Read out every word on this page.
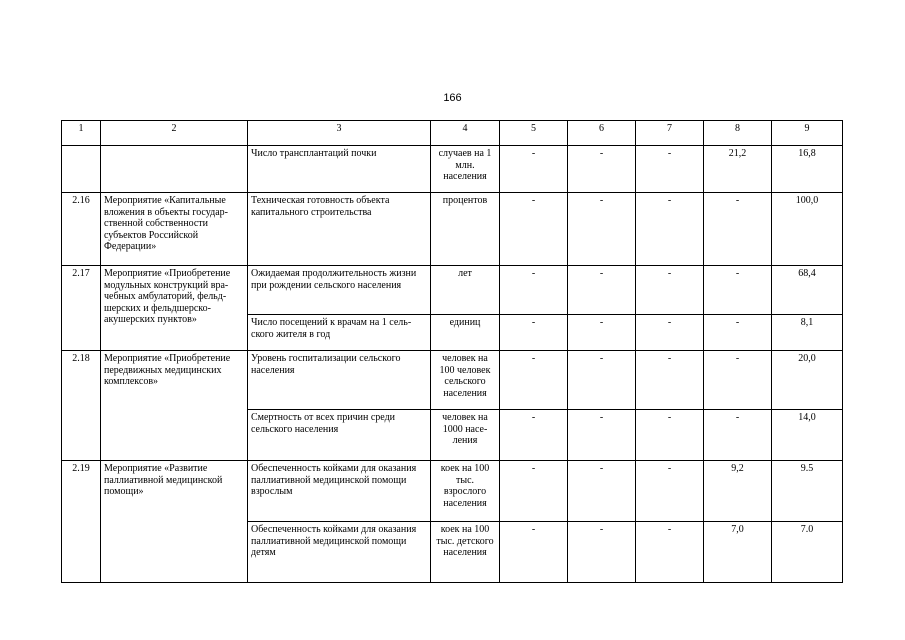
166
1	2	3	4	5	6	7	8	9
		Число трансплантаций почки	случаев на 1 млн. населения	-	-	-	21,2	16,8
2.16	Мероприятие «Капитальные вложения в объекты государ-ственной собственности субъектов Российской Федерации»	Техническая готовность объекта капитального строительства	процентов	-	-	-	-	100,0
2.17	Мероприятие «Приобретение модульных конструкций вра-чебных амбулаторий, фельд-шерских и фельдшерско-акушерских пунктов»	Ожидаемая продолжительность жизни при рождении сельского населения	лет	-	-	-	-	68,4
		Число посещений к врачам на 1 сель-ского жителя в год	единиц	-	-	-	-	8,1
2.18	Мероприятие «Приобретение передвижных медицинских комплексов»	Уровень госпитализации сельского населения	человек на 100 человек сельского населения	-	-	-	-	20,0
		Смертность от всех причин среди сельского населения	человек на 1000 насе-ления	-	-	-	-	14,0
2.19	Мероприятие «Развитие паллиативной медицинской помощи»	Обеспеченность койками для оказания паллиативной медицинской помощи взрослым	коек на 100 тыс. взрослого населения	-	-	-	9,2	9.5
		Обеспеченность койками для оказания паллиативной медицинской помощи детям	коек на 100 тыс. детского населения	-	-	-	7,0	7.0
